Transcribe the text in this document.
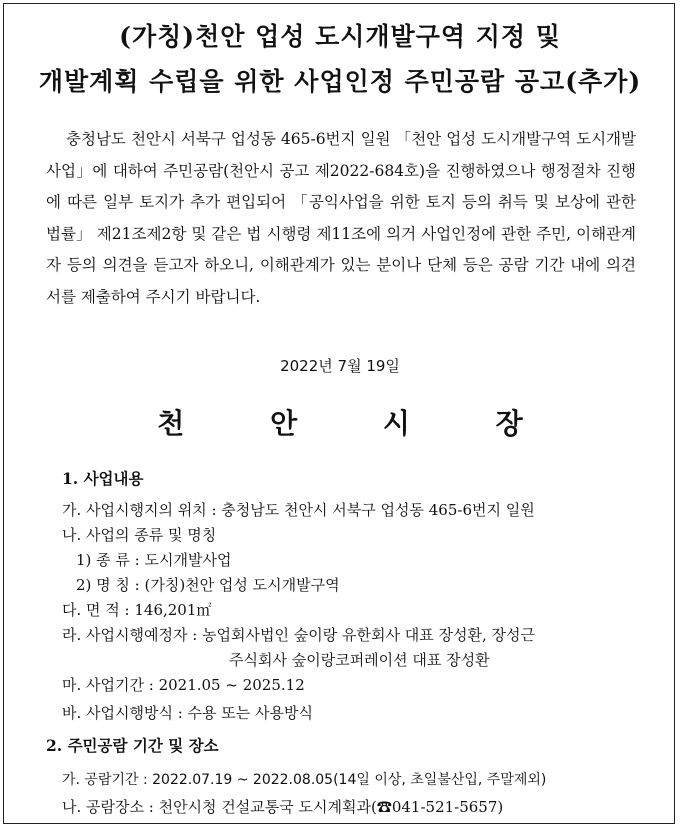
(가칭)천안 업성 도시개발구역 지정 및
개발계획 수립을 위한 사업인정 주민공람 공고(추가)

충청남도 천안시 서북구 업성동 465-6번지 일원 「천안 업성 도시개발구역 도시개발사업」에 대하여 주민공람(천안시 공고 제2022-684호)을 진행하였으나 행정절차 진행에 따른 일부 토지가 추가 편입되어 「공익사업을 위한 토지 등의 취득 및 보상에 관한 법률」 제21조제2항 및 같은 법 시행령 제11조에 의거 사업인정에 관한 주민, 이해관계자 등의 의견을 듣고자 하오니, 이해관계가 있는 분이나 단체 등은 공람 기간 내에 의견서를 제출하여 주시기 바랍니다.

2022년 7월 19일
천 안 시 장
1. 사업내용
가. 사업시행지의 위치 : 충청남도 천안시 서북구 업성동 465-6번지 일원
나. 사업의 종류 및 명칭
1) 종 류 : 도시개발사업
2) 명 칭 : (가칭)천안 업성 도시개발구역
다. 면 적 : 146,201㎡
라. 사업시행예정자 : 농업회사법인 숲이랑 유한회사 대표 장성환, 장성근
주식회사 숲이랑코퍼레이션 대표 장성환
마. 사업기간 : 2021.05 ~ 2025.12
바. 사업시행방식 : 수용 또는 사용방식
2. 주민공람 기간 및 장소
가. 공람기간 : 2022.07.19 ~ 2022.08.05(14일 이상, 초일불산입, 주말제외)
나. 공람장소 : 천안시청 건설교통국 도시계획과(☎041-521-5657)
